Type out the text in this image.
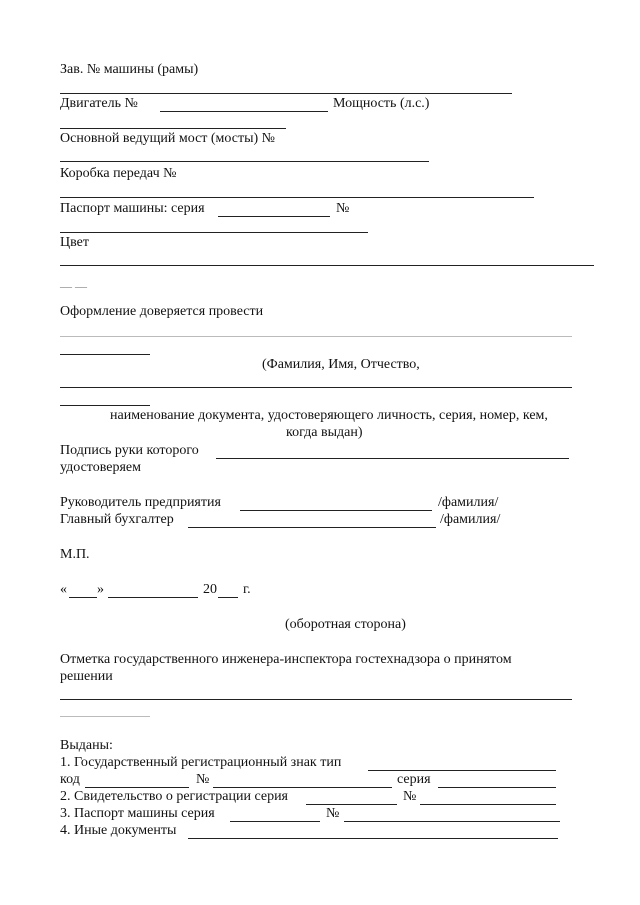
Зав. № машины (рамы)
Двигатель №	Мощность (л.с.)
Основной ведущий мост (мосты) №
Коробка передач №
Паспорт машины: серия	№
Цвет
— —
Оформление доверяется провести
(Фамилия, Имя, Отчество,
наименование документа, удостоверяющего личность, серия, номер, кем,
когда выдан)
Подпись руки которого
удостоверяем
Руководитель предприятия	/фамилия/
Главный бухгалтер	/фамилия/
М.П.
« »	20 г.
(оборотная сторона)
Отметка государственного инженера-инспектора гостехнадзора о принятом
решении
Выданы:
1. Государственный регистрационный знак тип
код	№	серия
2. Свидетельство о регистрации серия	№
3. Паспорт машины серия	№
4. Иные документы
